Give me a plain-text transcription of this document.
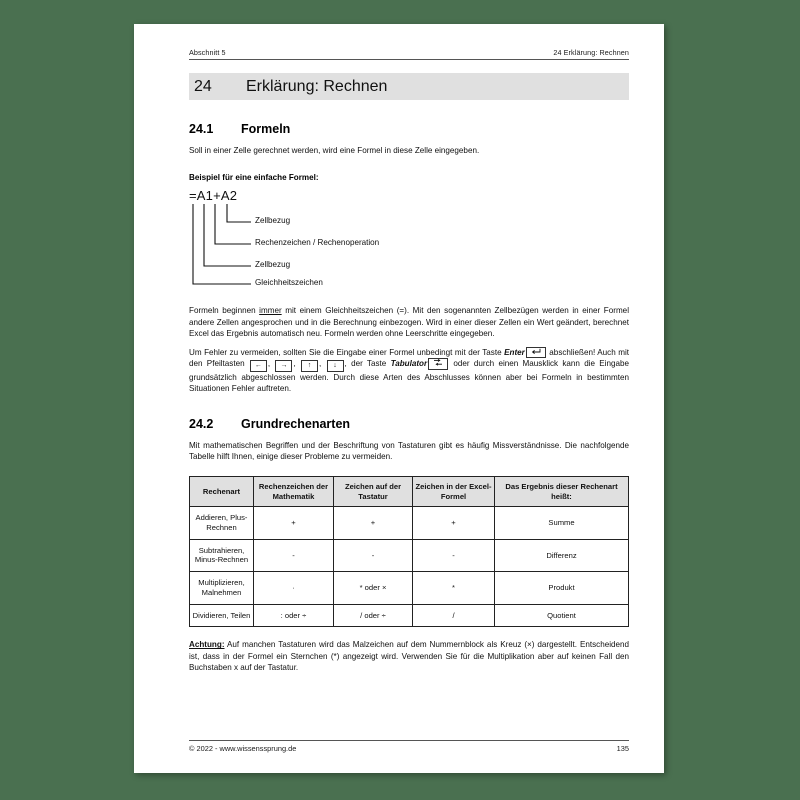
Abschnitt 5	24 Erklärung: Rechnen
24	Erklärung: Rechnen
24.1	Formeln

Soll in einer Zelle gerechnet werden, wird eine Formel in diese Zelle eingegeben.

Beispiel für eine einfache Formel:
=A1+A2
Zellbezug
Rechenzeichen / Rechenoperation
Zellbezug
Gleichheitszeichen

Formeln beginnen immer mit einem Gleichheitszeichen (=). Mit den sogenannten Zellbezügen werden in einer Formel andere Zellen angesprochen und in die Berechnung einbezogen. Wird in einer dieser Zellen ein Wert geändert, berechnet Excel das Ergebnis automatisch neu. Formeln werden ohne Leerschritte eingegeben.

Um Fehler zu vermeiden, sollten Sie die Eingabe einer Formel unbedingt mit der Taste Enter	abschließen! Auch mit den Pfeiltasten ← , → , ↑ , ↓ , der Taste Tabulator	oder durch einen Mausklick kann die Eingabe grundsätzlich abgeschlossen werden. Durch diese Arten des Abschlusses können aber bei Formeln in bestimmten Situationen Fehler auftreten.

24.2	Grundrechenarten

Mit mathematischen Begriffen und der Beschriftung von Tastaturen gibt es häufig Missverständnisse. Die nachfolgende Tabelle hilft Ihnen, einige dieser Probleme zu vermeiden.

Rechenart	Rechenzeichen der Mathematik	Zeichen auf der Tastatur	Zeichen in der Excel-Formel	Das Ergebnis dieser Rechenart heißt:
Addieren, Plus-Rechnen	+	+	+	Summe
Subtrahieren, Minus-Rechnen	-	-	-	Differenz
Multiplizieren, Malnehmen	·	* oder ×	*	Produkt
Dividieren, Teilen	: oder ÷	/ oder ÷	/	Quotient

Achtung: Auf manchen Tastaturen wird das Malzeichen auf dem Nummernblock als Kreuz (×) dargestellt. Entscheidend ist, dass in der Formel ein Sternchen (*) angezeigt wird. Verwenden Sie für die Multiplikation aber auf keinen Fall den Buchstaben x auf der Tastatur.

© 2022 - www.wissenssprung.de	135
